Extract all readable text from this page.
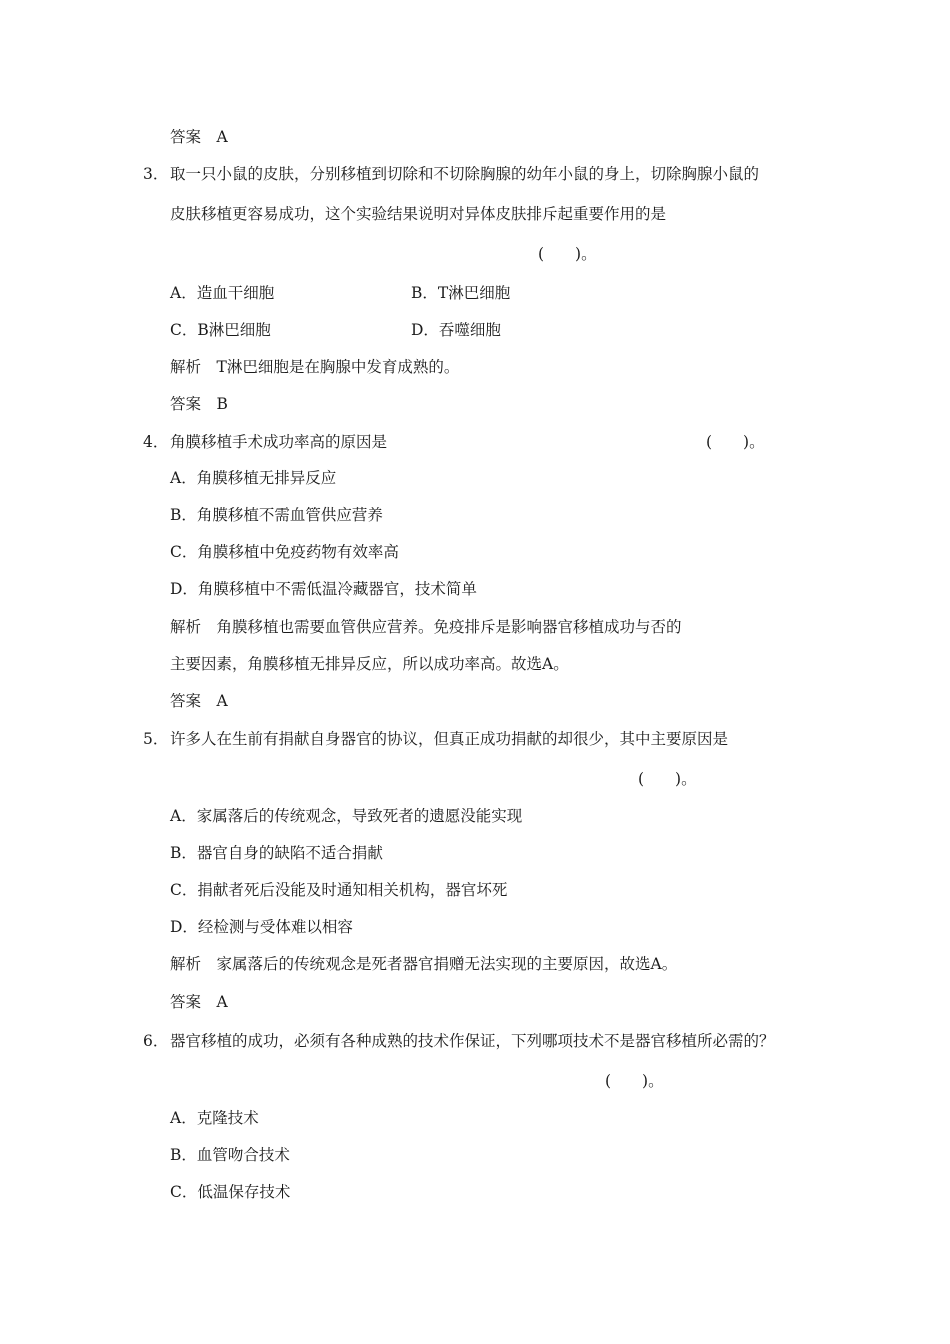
答案　A
3． 取一只小鼠的皮肤，分别移植到切除和不切除胸腺的幼年小鼠的身上，切除胸腺小鼠的
皮肤移植更容易成功，这个实验结果说明对异体皮肤排斥起重要作用的是
(　　)。
A．造血干细胞	B．T淋巴细胞
C．B淋巴细胞	D．吞噬细胞
解析　T淋巴细胞是在胸腺中发育成熟的。
答案　B
4． 角膜移植手术成功率高的原因是	(　　)。
A．角膜移植无排异反应
B．角膜移植不需血管供应营养
C．角膜移植中免疫药物有效率高
D．角膜移植中不需低温冷藏器官，技术简单
解析　角膜移植也需要血管供应营养。免疫排斥是影响器官移植成功与否的
主要因素，角膜移植无排异反应，所以成功率高。故选A。
答案　A
5． 许多人在生前有捐献自身器官的协议，但真正成功捐献的却很少，其中主要原因是
(　　)。
A．家属落后的传统观念，导致死者的遗愿没能实现
B．器官自身的缺陷不适合捐献
C．捐献者死后没能及时通知相关机构，器官坏死
D．经检测与受体难以相容
解析　家属落后的传统观念是死者器官捐赠无法实现的主要原因，故选A。
答案　A
6． 器官移植的成功，必须有各种成熟的技术作保证，下列哪项技术不是器官移植所必需的？
(　　)。
A．克隆技术
B．血管吻合技术
C．低温保存技术
